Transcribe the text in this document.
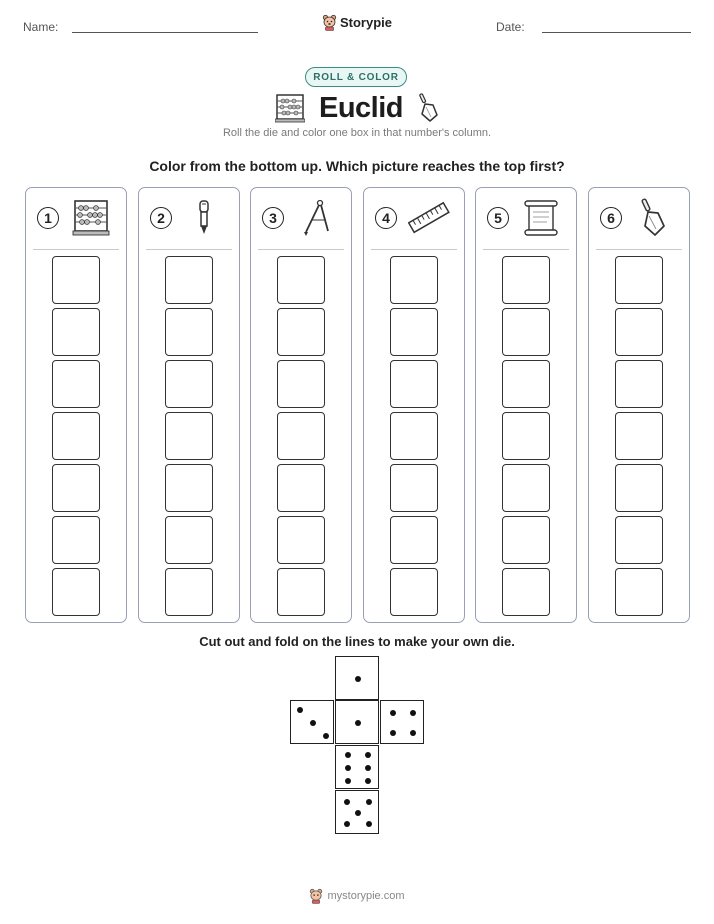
Name:	Storypie	Date:
ROLL & COLOR
Euclid
Roll the die and color one box in that number's column.
Color from the bottom up. Which picture reaches the top first?
1	2	3	4	5	6
Cut out and fold on the lines to make your own die.
mystorypie.com
